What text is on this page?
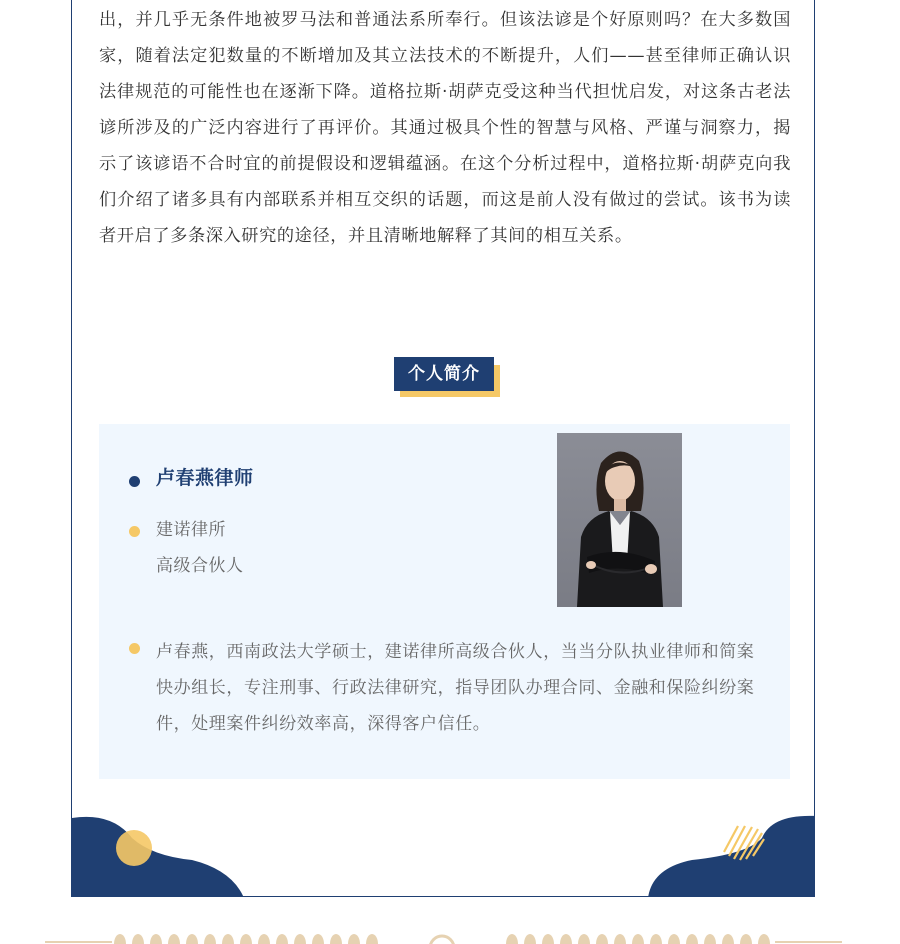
出，并几乎无条件地被罗马法和普通法系所奉行。但该法谚是个好原则吗？在大多数国家，随着法定犯数量的不断增加及其立法技术的不断提升，人们——甚至律师正确认识法律规范的可能性也在逐渐下降。道格拉斯·胡萨克受这种当代担忧启发，对这条古老法谚所涉及的广泛内容进行了再评价。其通过极具个性的智慧与风格、严谨与洞察力，揭示了该谚语不合时宜的前提假设和逻辑蕴涵。在这个分析过程中，道格拉斯·胡萨克向我们介绍了诸多具有内部联系并相互交织的话题，而这是前人没有做过的尝试。该书为读者开启了多条深入研究的途径，并且清晰地解释了其间的相互关系。

个人简介
卢春燕律师
建诺律所
高级合伙人

卢春燕，西南政法大学硕士，建诺律所高级合伙人，当当分队执业律师和简案快办组长，专注刑事、行政法律研究，指导团队办理合同、金融和保险纠纷案件，处理案件纠纷效率高，深得客户信任。
